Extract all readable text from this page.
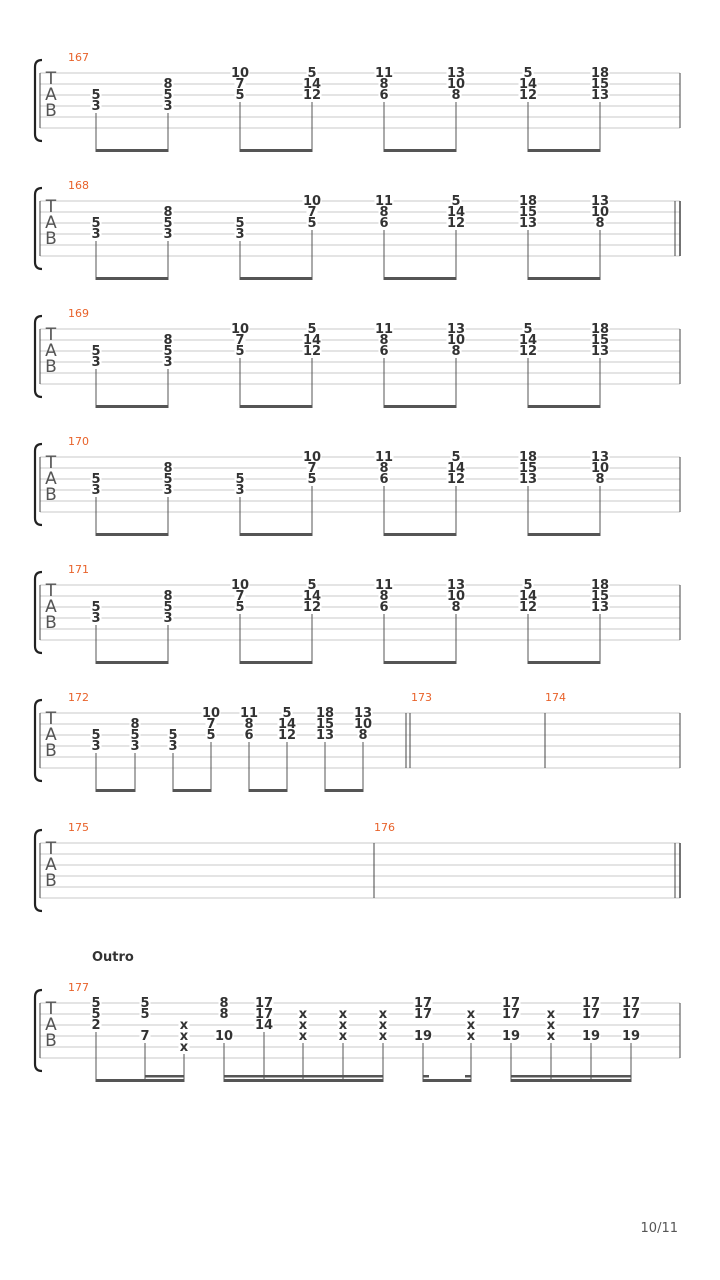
T
A
B
167
5
3
8
5
3
10
7
5
5
14
12
11
8
6
13
10
8
5
14
12
18
15
13
T
A
B
168
5
3
8
5
3
5
3
10
7
5
11
8
6
5
14
12
18
15
13
13
10
8
T
A
B
169
5
3
8
5
3
10
7
5
5
14
12
11
8
6
13
10
8
5
14
12
18
15
13
T
A
B
170
5
3
8
5
3
5
3
10
7
5
11
8
6
5
14
12
18
15
13
13
10
8
T
A
B
171
5
3
8
5
3
10
7
5
5
14
12
11
8
6
13
10
8
5
14
12
18
15
13
T
A
B
172
5
3
8
5
3
5
3
10
7
5
11
8
6
5
14
12
18
15
13
13
10
8
173	174
T
A
B
175	176
T
A
B
177
5
5
2
5
5
7
x
x
x
8
8
10
17
17
14
x
x
x
x
x
x
x
x
x
17
17
19
x
x
x
17
17
19
x
x
x
17
17
19
17
17
19
Outro
10/11
